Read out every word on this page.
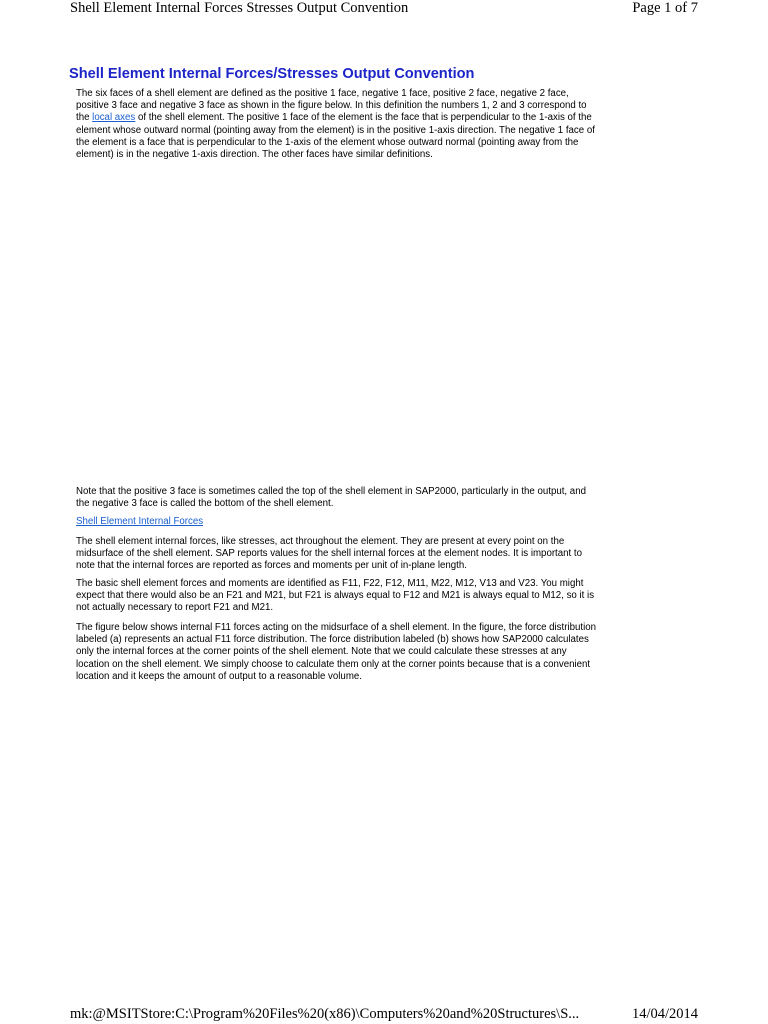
Shell Element Internal Forces Stresses Output Convention	Page 1 of 7
Shell Element Internal Forces/Stresses Output Convention
The six faces of a shell element are defined as the positive 1 face, negative 1 face, positive 2 face, negative 2 face,
positive 3 face and negative 3 face as shown in the figure below. In this definition the numbers 1, 2 and 3 correspond to
the local axes of the shell element. The positive 1 face of the element is the face that is perpendicular to the 1-axis of the
element whose outward normal (pointing away from the element) is in the positive 1-axis direction. The negative 1 face of
the element is a face that is perpendicular to the 1-axis of the element whose outward normal (pointing away from the
element) is in the negative 1-axis direction. The other faces have similar definitions.
Note that the positive 3 face is sometimes called the top of the shell element in SAP2000, particularly in the output, and
the negative 3 face is called the bottom of the shell element.
Shell Element Internal Forces
The shell element internal forces, like stresses, act throughout the element. They are present at every point on the
midsurface of the shell element. SAP reports values for the shell internal forces at the element nodes. It is important to
note that the internal forces are reported as forces and moments per unit of in-plane length.
The basic shell element forces and moments are identified as F11, F22, F12, M11, M22, M12, V13 and V23. You might
expect that there would also be an F21 and M21, but F21 is always equal to F12 and M21 is always equal to M12, so it is
not actually necessary to report F21 and M21.
The figure below shows internal F11 forces acting on the midsurface of a shell element. In the figure, the force distribution
labeled (a) represents an actual F11 force distribution. The force distribution labeled (b) shows how SAP2000 calculates
only the internal forces at the corner points of the shell element. Note that we could calculate these stresses at any
location on the shell element. We simply choose to calculate them only at the corner points because that is a convenient
location and it keeps the amount of output to a reasonable volume.
mk:@MSITStore:C:\Program%20Files%20(x86)\Computers%20and%20Structures\S...	14/04/2014
